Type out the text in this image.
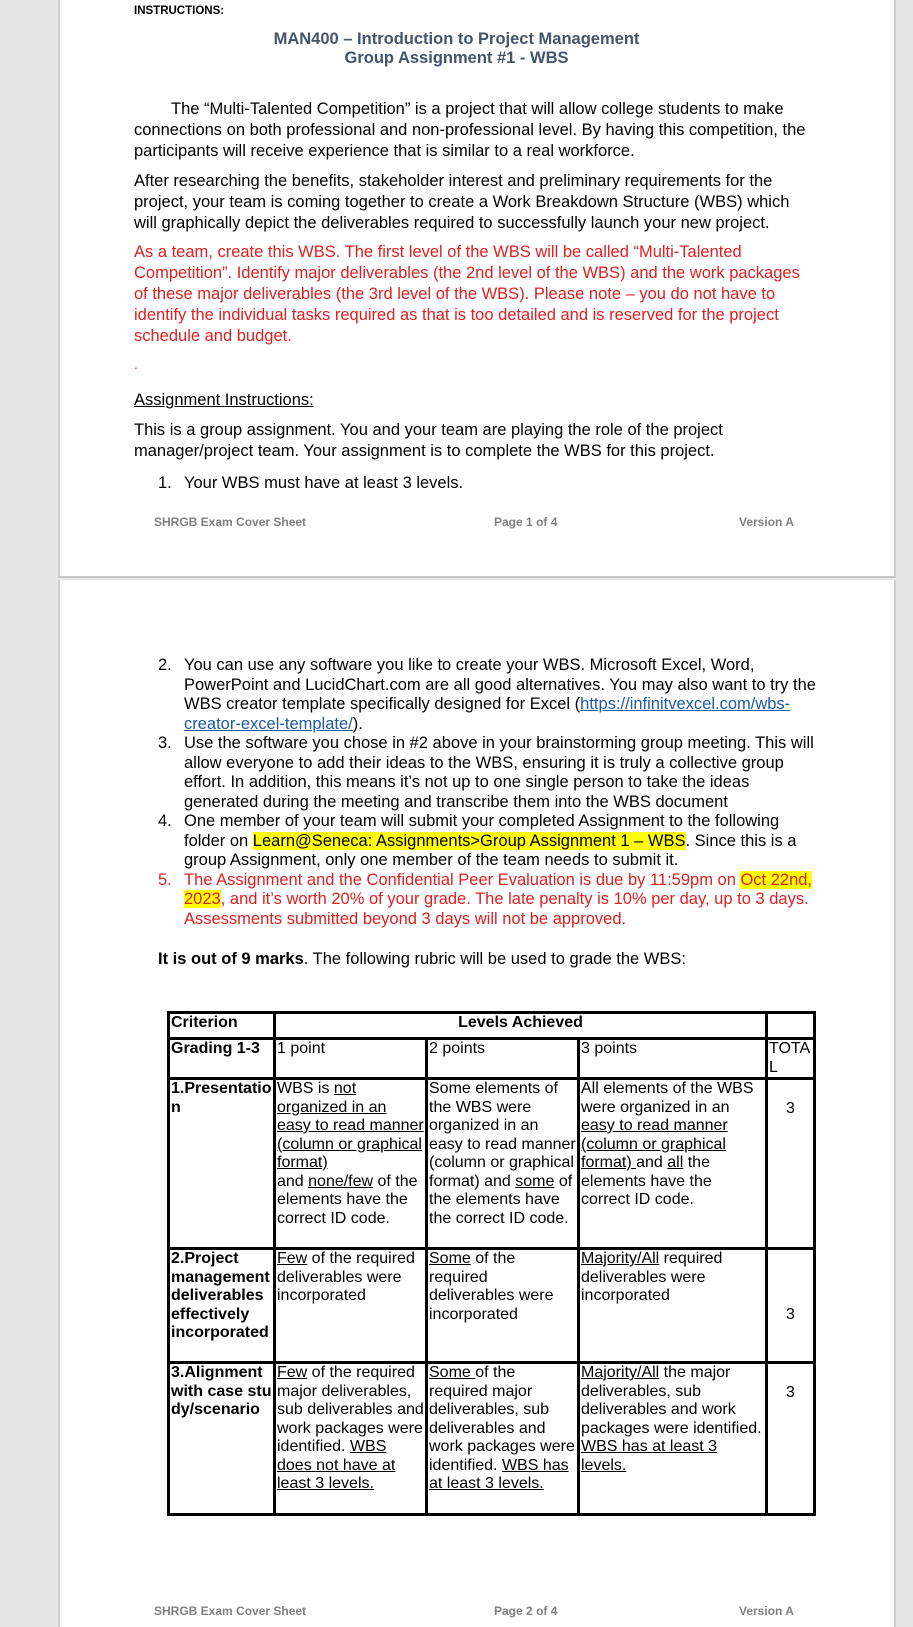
INSTRUCTIONS:
MAN400 – Introduction to Project Management
Group Assignment #1 - WBS
The “Multi-Talented Competition” is a project that will allow college students to make connections on both professional and non-professional level. By having this competition, the participants will receive experience that is similar to a real workforce.
After researching the benefits, stakeholder interest and preliminary requirements for the project, your team is coming together to create a Work Breakdown Structure (WBS) which will graphically depict the deliverables required to successfully launch your new project.
As a team, create this WBS. The first level of the WBS will be called “Multi-Talented Competition”. Identify major deliverables (the 2nd level of the WBS) and the work packages of these major deliverables (the 3rd level of the WBS). Please note – you do not have to identify the individual tasks required as that is too detailed and is reserved for the project schedule and budget.
.
Assignment Instructions:
This is a group assignment. You and your team are playing the role of the project manager/project team. Your assignment is to complete the WBS for this project.

1. Your WBS must have at least 3 levels.

SHRGB Exam Cover Sheet	Page 1 of 4	Version A

2. You can use any software you like to create your WBS. Microsoft Excel, Word, PowerPoint and LucidChart.com are all good alternatives. You may also want to try the WBS creator template specifically designed for Excel (https://infinitvexcel.com/wbs-creator-excel-template/).

3. Use the software you chose in #2 above in your brainstorming group meeting. This will allow everyone to add their ideas to the WBS, ensuring it is truly a collective group effort. In addition, this means it’s not up to one single person to take the ideas generated during the meeting and transcribe them into the WBS document

4. One member of your team will submit your completed Assignment to the following folder on Learn@Seneca: Assignments>Group Assignment 1 – WBS. Since this is a group Assignment, only one member of the team needs to submit it.

5. The Assignment and the Confidential Peer Evaluation is due by 11:59pm on Oct 22nd, 2023, and it’s worth 20% of your grade. The late penalty is 10% per day, up to 3 days. Assessments submitted beyond 3 days will not be approved.

It is out of 9 marks. The following rubric will be used to grade the WBS:
Criterion	Levels Achieved			
Grading 1-3	1 point	2 points	3 points	TOTAL
1.Presentation	WBS is not organized in an easy to read manner (column or graphical format)
and none/few of the elements have the correct ID code.	Some elements of the WBS were organized in an easy to read manner (column or graphical format) and some of the elements have the correct ID code.	All elements of the WBS were organized in an easy to read manner (column or graphical format) and all the elements have the correct ID code.	3
2.Project management deliverables effectively incorporated	Few of the required deliverables were incorporated	Some of the required deliverables were incorporated	Majority/All required deliverables were incorporated	3
3.Alignment with case study/scenario	Few of the required major deliverables, sub deliverables and work packages were identified. WBS does not have at least 3 levels.	Some of the required major deliverables, sub deliverables and work packages were identified. WBS has at least 3 levels.	Majority/All the major deliverables, sub deliverables and work packages were identified. WBS has at least 3 levels.	3
SHRGB Exam Cover Sheet	Page 2 of 4	Version A
